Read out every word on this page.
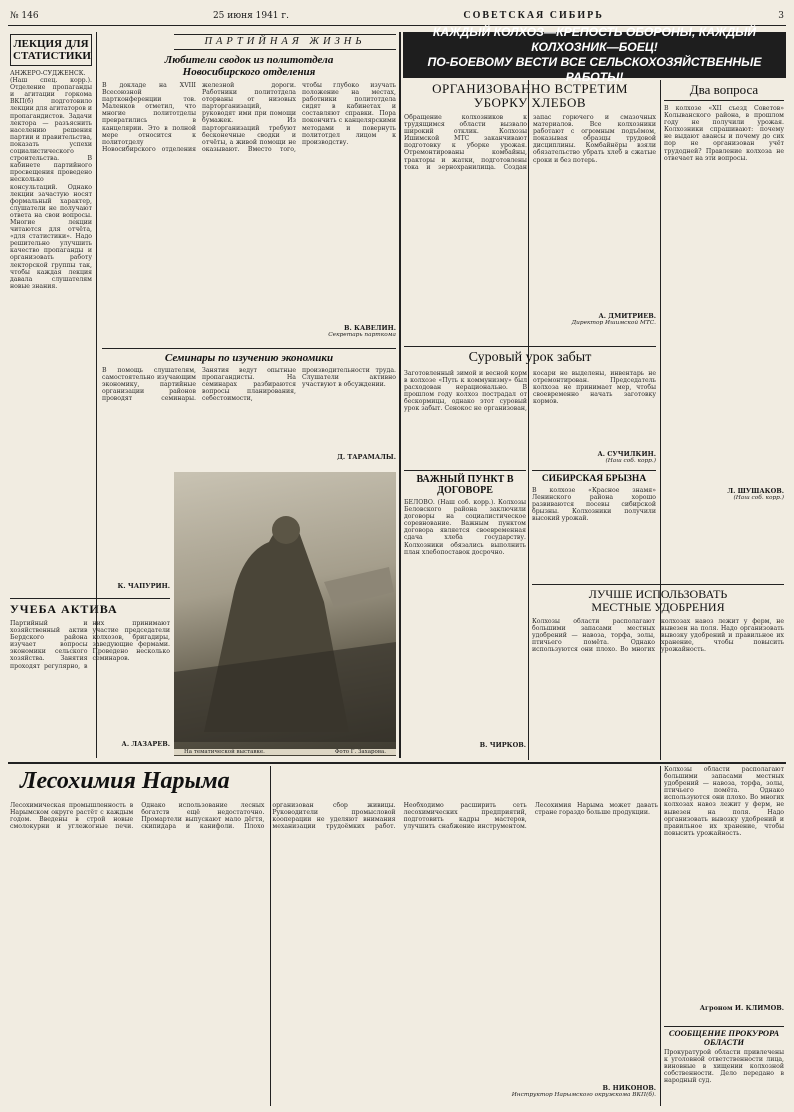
№ 146	25 июня 1941 г.	СОВЕТСКАЯ СИБИРЬ	3
ЛЕКЦИЯ ДЛЯ СТАТИСТИКИ
АНЖЕРО-СУДЖЕНСК. (Наш спец. корр.). Отделение пропаганды и агитации горкома ВКП(б) подготовило лекции для агитаторов и пропагандистов. Задачи лектора — разъяснить населению решения партии и правительства, показать успехи социалистического строительства. В кабинете партийного просвещения проведено несколько консультаций. Однако лекции зачастую носят формальный характер, слушатели не получают ответа на свои вопросы. Многие лекции читаются для отчёта, «для статистики». Надо решительно улучшить качество пропаганды и организовать работу лекторской группы так, чтобы каждая лекция давала слушателям новые знания.
ПАРТИЙНАЯ ЖИЗНЬ
Любители сводок из политотдела Новосибирского отделения
В докладе на XVIII Всесоюзной партконференции тов. Маленков отметил, что многие политотделы превратились в канцелярии. Это в полной мере относится к политотделу Новосибирского отделения железной дороги. Работники политотдела оторваны от низовых парторганизаций, руководят ими при помощи бумажек. Из парторганизаций требуют бесконечные сводки и отчёты, а живой помощи не оказывают. Вместо того, чтобы глубоко изучать положение на местах, работники политотдела сидят в кабинетах и составляют справки. Пора покончить с канцелярскими методами и повернуть политотдел лицом к производству.
В. КАВЕЛИН.
Секретарь парткома
Семинары по изучению экономики
В помощь слушателям, самостоятельно изучающим экономику, партийные организации районов проводят семинары. Занятия ведут опытные пропагандисты. На семинарах разбираются вопросы планирования, себестоимости, производительности труда. Слушатели активно участвуют в обсуждении.
Д. ТАРАМАЛЫ.
К. ЧАПУРИН.
УЧЕБА АКТИВА
Партийный и хозяйственный актив Бердского района изучает вопросы экономики сельского хозяйства. Занятия проходят регулярно, в них принимают участие председатели колхозов, бригадиры, заведующие фермами. Проведено несколько семинаров.
А. ЛАЗАРЕВ.
На тематической выставке.	Фото Г. Захарова.
КАЖДЫЙ КОЛХОЗ—КРЕПОСТЬ ОБОРОНЫ, КАЖДЫЙ КОЛХОЗНИК—БОЕЦ!
ПО-БОЕВОМУ ВЕСТИ ВСЕ СЕЛЬСКОХОЗЯЙСТВЕННЫЕ РАБОТЫ!
ОРГАНИЗОВАННО ВСТРЕТИМ УБОРКУ ХЛЕБОВ
Обращение колхозников к трудящимся области вызвало широкий отклик. Колхозы Ишимской МТС заканчивают подготовку к уборке урожая. Отремонтированы комбайны, тракторы и жатки, подготовлены тока и зернохранилища. Создан запас горючего и смазочных материалов. Все колхозники работают с огромным подъёмом, показывая образцы трудовой дисциплины. Комбайнёры взяли обязательство убрать хлеб в сжатые сроки и без потерь.
А. ДМИТРИЕВ.
Директор Ишимской МТС.
Суровый урок забыт
Заготовленный зимой и весной корм в колхозе «Путь к коммунизму» был расходован нерационально. В прошлом году колхоз пострадал от бескормицы, однако этот суровый урок забыт. Сенокос не организован, косари не выделены, инвентарь не отремонтирован. Председатель колхоза не принимает мер, чтобы своевременно начать заготовку кормов.
А. СУЧИЛКИН.
(Наш соб. корр.)
ВАЖНЫЙ ПУНКТ В ДОГОВОРЕ
БЕЛОВО. (Наш соб. корр.). Колхозы Беловского района заключили договоры на социалистическое соревнование. Важным пунктом договора является своевременная сдача хлеба государству. Колхозники обязались выполнить план хлебопоставок досрочно.
В. ЧИРКОВ.
СИБИРСКАЯ БРЫЗНА
В колхозе «Красное знамя» Ленинского района хорошо развиваются посевы сибирской брызны. Колхозники получили высокий урожай.
ЛУЧШЕ ИСПОЛЬЗОВАТЬ МЕСТНЫЕ УДОБРЕНИЯ
Колхозы области располагают большими запасами местных удобрений — навоза, торфа, золы, птичьего помёта. Однако используются они плохо. Во многих колхозах навоз лежит у ферм, не вывезен на поля. Надо организовать вывозку удобрений и правильное их хранение, чтобы повысить урожайность.
Два вопроса
В колхозе «XII съезд Советов» Колыванского района, в прошлом году не получили урожая. Колхозники спрашивают: почему не выдают авансы и почему до сих пор не организован учёт трудодней? Правление колхоза не отвечает на эти вопросы.
Л. ШУШАКОВ.
(Наш соб. корр.)
Лесохимия Нарыма
Лесохимическая промышленность в Нарымском округе растёт с каждым годом. Введены в строй новые смолокурни и углежогные печи. Однако использование лесных богатств ещё недостаточно. Промартели выпускают мало дёгтя, скипидара и канифоли. Плохо организован сбор живицы. Руководители промысловой кооперации не уделяют внимания механизации трудоёмких работ. Необходимо расширить сеть лесохимических предприятий, подготовить кадры мастеров, улучшить снабжение инструментом. Лесохимия Нарыма может давать стране гораздо больше продукции.
В. НИКОНОВ.
Инструктор Нарымского окружкома ВКП(б).
Колхозы области располагают большими запасами местных удобрений — навоза, торфа, золы, птичьего помёта. Однако используются они плохо. Во многих колхозах навоз лежит у ферм, не вывезен на поля. Надо организовать вывозку удобрений и правильное их хранение, чтобы повысить урожайность.
Агроном И. КЛИМОВ.
СООБЩЕНИЕ ПРОКУРОРА ОБЛАСТИ
Прокуратурой области привлечены к уголовной ответственности лица, виновные в хищении колхозной собственности. Дело передано в народный суд.
